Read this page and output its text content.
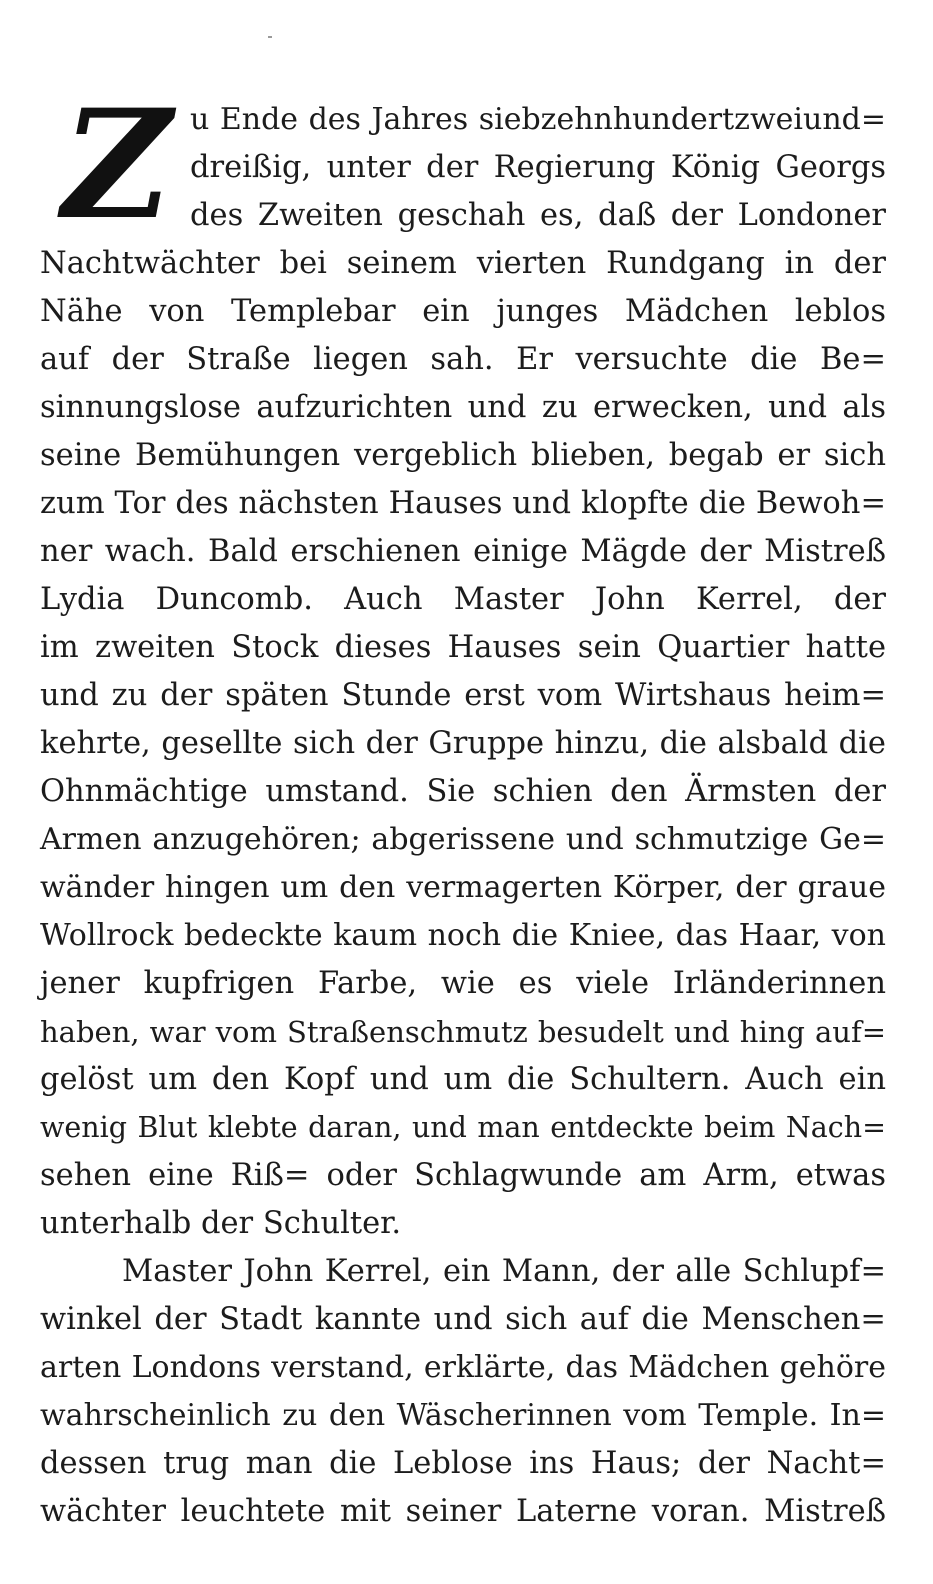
Z u Ende des Jahres siebzehnhundertzweiund=
dreißig, unter der Regierung König Georgs
des Zweiten geschah es, daß der Londoner
Nachtwächter bei seinem vierten Rundgang in der
Nähe von Templebar ein junges Mädchen leblos
auf der Straße liegen sah. Er versuchte die Be=
sinnungslose aufzurichten und zu erwecken, und als
seine Bemühungen vergeblich blieben, begab er sich
zum Tor des nächsten Hauses und klopfte die Bewoh=
ner wach. Bald erschienen einige Mägde der Mistreß
Lydia Duncomb. Auch Master John Kerrel, der
im zweiten Stock dieses Hauses sein Quartier hatte
und zu der späten Stunde erst vom Wirtshaus heim=
kehrte, gesellte sich der Gruppe hinzu, die alsbald die
Ohnmächtige umstand. Sie schien den Ärmsten der
Armen anzugehören; abgerissene und schmutzige Ge=
wänder hingen um den vermagerten Körper, der graue
Wollrock bedeckte kaum noch die Kniee, das Haar, von
jener kupfrigen Farbe, wie es viele Irländerinnen
haben, war vom Straßenschmutz besudelt und hing auf=
gelöst um den Kopf und um die Schultern. Auch ein
wenig Blut klebte daran, und man entdeckte beim Nach=
sehen eine Riß= oder Schlagwunde am Arm, etwas
unterhalb der Schulter.
Master John Kerrel, ein Mann, der alle Schlupf=
winkel der Stadt kannte und sich auf die Menschen=
arten Londons verstand, erklärte, das Mädchen gehöre
wahrscheinlich zu den Wäscherinnen vom Temple. In=
dessen trug man die Leblose ins Haus; der Nacht=
wächter leuchtete mit seiner Laterne voran. Mistreß
